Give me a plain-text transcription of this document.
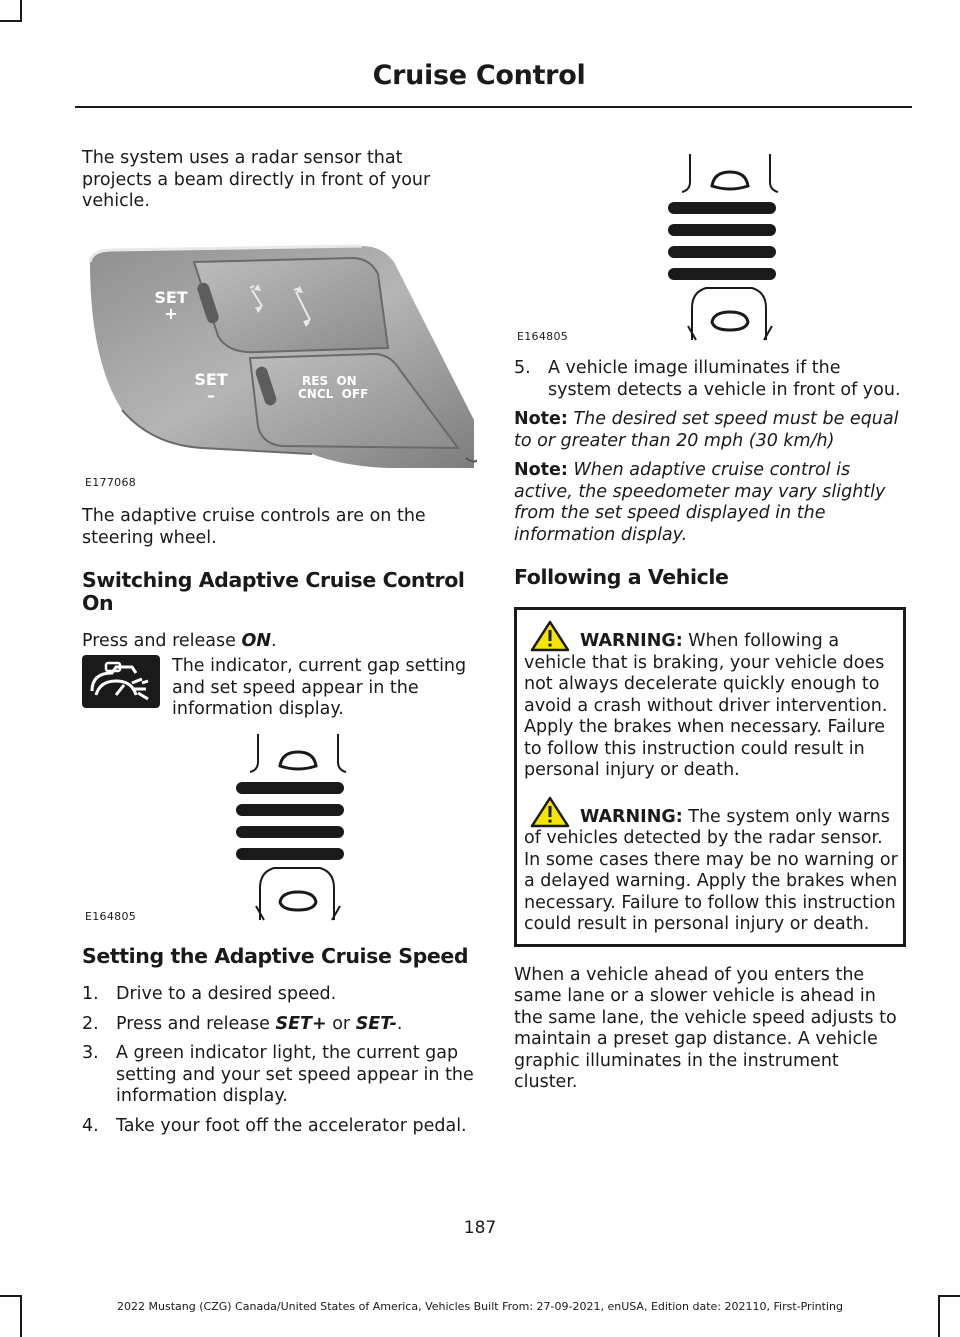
Cruise Control

The system uses a radar sensor that projects a beam directly in front of your vehicle.

SET
+
SET
–
RES ON
CNCL OFF
E177068

The adaptive cruise controls are on the steering wheel.

Switching Adaptive Cruise Control On

Press and release ON.

The indicator, current gap setting and set speed appear in the information display.

E164805
Setting the Adaptive Cruise Speed
1. Drive to a desired speed.
2. Press and release SET+ or SET-.
3. A green indicator light, the current gap setting and your set speed appear in the information display.
4. Take your foot off the accelerator pedal.
E164805
5. A vehicle image illuminates if the system detects a vehicle in front of you.

Note: The desired set speed must be equal to or greater than 20 mph (30 km/h)

Note: When adaptive cruise control is active, the speedometer may vary slightly from the set speed displayed in the information display.

Following a Vehicle

WARNING: When following a vehicle that is braking, your vehicle does not always decelerate quickly enough to avoid a crash without driver intervention. Apply the brakes when necessary. Failure to follow this instruction could result in personal injury or death.

WARNING: The system only warns of vehicles detected by the radar sensor. In some cases there may be no warning or a delayed warning. Apply the brakes when necessary. Failure to follow this instruction could result in personal injury or death.

When a vehicle ahead of you enters the same lane or a slower vehicle is ahead in the same lane, the vehicle speed adjusts to maintain a preset gap distance. A vehicle graphic illuminates in the instrument cluster.

187
2022 Mustang (CZG) Canada/United States of America, Vehicles Built From: 27-09-2021, enUSA, Edition date: 202110, First-Printing
